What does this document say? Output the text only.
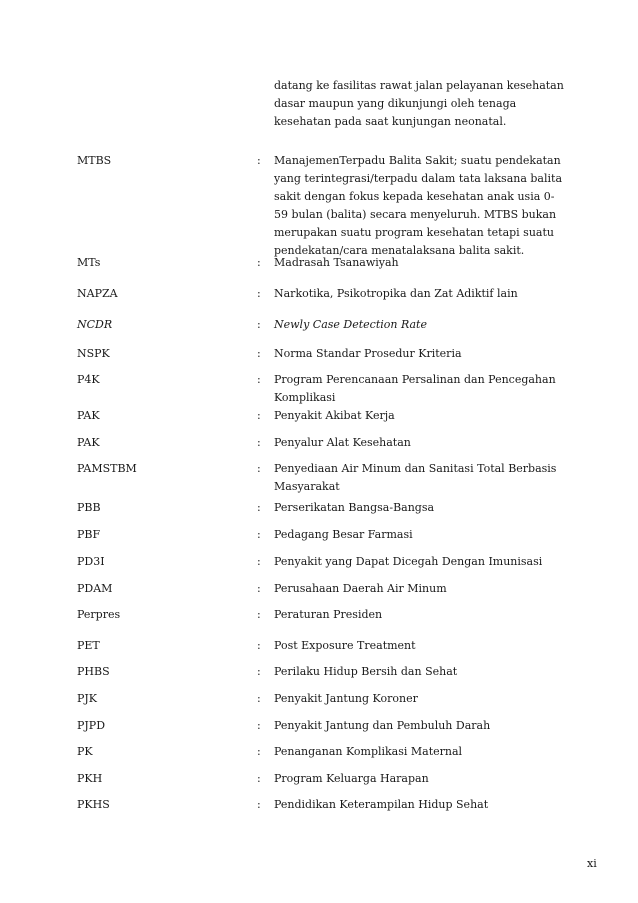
datang ke fasilitas rawat jalan pelayanan kesehatan dasar maupun yang dikunjungi oleh tenaga kesehatan pada saat kunjungan neonatal.
MTBS	: ManajemenTerpadu Balita Sakit; suatu pendekatan yang terintegrasi/terpadu dalam tata laksana balita sakit dengan fokus kepada kesehatan anak usia 0-59 bulan (balita) secara menyeluruh. MTBS bukan merupakan suatu program kesehatan tetapi suatu pendekatan/cara menatalaksana balita sakit.
MTs	: Madrasah Tsanawiyah
NAPZA	: Narkotika, Psikotropika dan Zat Adiktif lain
NCDR	: Newly Case Detection Rate
NSPK	: Norma Standar Prosedur Kriteria
P4K	: Program Perencanaan Persalinan dan Pencegahan Komplikasi
PAK	: Penyakit Akibat Kerja
PAK	: Penyalur Alat Kesehatan
PAMSTBM	: Penyediaan Air Minum dan Sanitasi Total Berbasis Masyarakat
PBB	: Perserikatan Bangsa-Bangsa
PBF	: Pedagang Besar Farmasi
PD3I	: Penyakit yang Dapat Dicegah Dengan Imunisasi
PDAM	: Perusahaan Daerah Air Minum
Perpres	: Peraturan Presiden
PET	: Post Exposure Treatment
PHBS	: Perilaku Hidup Bersih dan Sehat
PJK	: Penyakit Jantung Koroner
PJPD	: Penyakit Jantung dan Pembuluh Darah
PK	: Penanganan Komplikasi Maternal
PKH	: Program Keluarga Harapan
PKHS	: Pendidikan Keterampilan Hidup Sehat
xi
